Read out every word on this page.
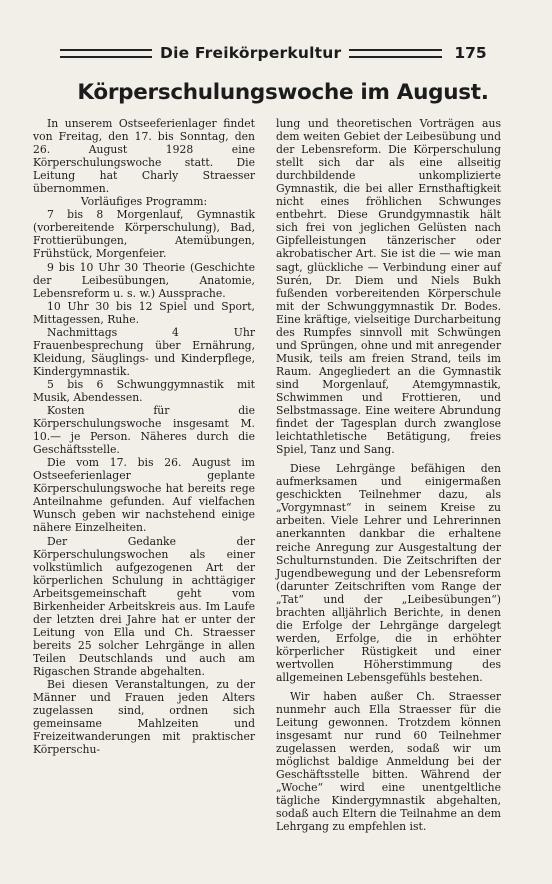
Die Freikörperkultur	175
Körperschulungswoche im August.

In unserem Ostseeferienlager findet von Freitag, den 17. bis Sonntag, den 26. August 1928 eine Körperschulungswoche statt. Die Leitung hat Charly Straesser übernommen.

Vorläufiges Programm:

7 bis 8 Morgenlauf, Gymnastik (vorbereitende Körperschulung), Bad, Frottierübungen, Atemübungen, Frühstück, Morgenfeier.

9 bis 10 Uhr 30 Theorie (Geschichte der Leibesübungen, Anatomie, Lebensreform u. s. w.) Aussprache.

10 Uhr 30 bis 12 Spiel und Sport, Mittagessen, Ruhe.

Nachmittags 4 Uhr Frauenbesprechung über Ernährung, Kleidung, Säuglings- und Kinderpflege, Kindergymnastik.

5 bis 6 Schwunggymnastik mit Musik, Abendessen.

Kosten für die Körperschulungswoche insgesamt M. 10.— je Person. Näheres durch die Geschäftsstelle.

Die vom 17. bis 26. August im Ostseeferienlager geplante Körperschulungswoche hat bereits rege Anteilnahme gefunden. Auf vielfachen Wunsch geben wir nachstehend einige nähere Einzelheiten.

Der Gedanke der Körperschulungswochen als einer volkstümlich aufgezogenen Art der körperlichen Schulung in achttägiger Arbeitsgemeinschaft geht vom Birkenheider Arbeitskreis aus. Im Laufe der letzten drei Jahre hat er unter der Leitung von Ella und Ch. Straesser bereits 25 solcher Lehrgänge in allen Teilen Deutschlands und auch am Rigaschen Strande abgehalten.

Bei diesen Veranstaltungen, zu der Männer und Frauen jeden Alters zugelassen sind, ordnen sich gemeinsame Mahlzeiten und Freizeitwanderungen mit praktischer Körperschu-

lung und theoretischen Vorträgen aus dem weiten Gebiet der Leibesübung und der Lebensreform. Die Körperschulung stellt sich dar als eine allseitig durchbildende unkomplizierte Gymnastik, die bei aller Ernsthaftigkeit nicht eines fröhlichen Schwunges entbehrt. Diese Grundgymnastik hält sich frei von jeglichen Gelüsten nach Gipfelleistungen tänzerischer oder akrobatischer Art. Sie ist die — wie man sagt, glückliche — Verbindung einer auf Surén, Dr. Diem und Niels Bukh fußenden vorbereitenden Körperschule mit der Schwunggymnastik Dr. Bodes. Eine kräftige, vielseitige Durcharbeitung des Rumpfes sinnvoll mit Schwüngen und Sprüngen, ohne und mit anregender Musik, teils am freien Strand, teils im Raum. Angegliedert an die Gymnastik sind Morgenlauf, Atemgymnastik, Schwimmen und Frottieren, und Selbstmassage. Eine weitere Abrundung findet der Tagesplan durch zwanglose leichtathletische Betätigung, freies Spiel, Tanz und Sang.

Diese Lehrgänge befähigen den aufmerksamen und einigermaßen geschickten Teilnehmer dazu, als „Vorgymnast“ in seinem Kreise zu arbeiten. Viele Lehrer und Lehrerinnen anerkannten dankbar die erhaltene reiche Anregung zur Ausgestaltung der Schulturnstunden. Die Zeitschriften der Jugendbewegung und der Lebensreform (darunter Zeitschriften vom Range der „Tat“ und der „Leibesübungen“) brachten alljährlich Berichte, in denen die Erfolge der Lehrgänge dargelegt werden, Erfolge, die in erhöhter körperlicher Rüstigkeit und einer wertvollen Höherstimmung des allgemeinen Lebensgefühls bestehen.

Wir haben außer Ch. Straesser nunmehr auch Ella Straesser für die Leitung gewonnen. Trotzdem können insgesamt nur rund 60 Teilnehmer zugelassen werden, sodaß wir um möglichst baldige Anmeldung bei der Geschäftsstelle bitten. Während der „Woche“ wird eine unentgeltliche tägliche Kindergymnastik abgehalten, sodaß auch Eltern die Teilnahme an dem Lehrgang zu empfehlen ist.
